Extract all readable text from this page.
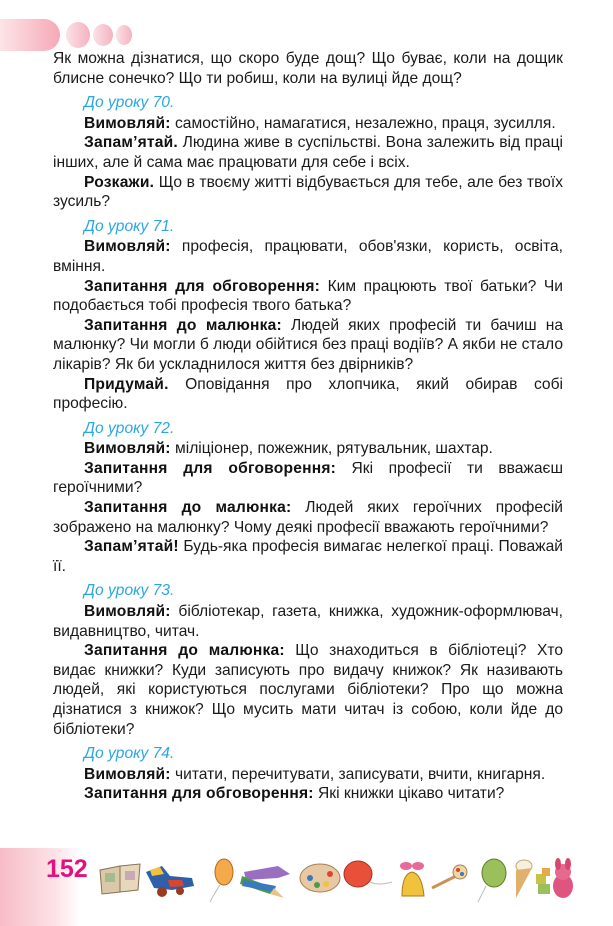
Як можна дізнатися, що скоро буде дощ? Що буває, коли на дощик блисне сонечко? Що ти робиш, коли на вулиці йде дощ?

До уроку 70.

Вимовляй: самостійно, намагатися, незалежно, праця, зусилля.

Запам’ятай. Людина живе в суспільстві. Вона залежить від праці інших, але й сама має працювати для себе і всіх.

Розкажи. Що в твоєму житті відбувається для тебе, але без твоїх зусиль?

До уроку 71.

Вимовляй: професія, працювати, обов'язки, користь, освіта, вміння.

Запитання для обговорення: Ким працюють твої батьки? Чи подобається тобі професія твого батька?

Запитання до малюнка: Людей яких професій ти бачиш на малюнку? Чи могли б люди обійтися без праці водіїв? А якби не стало лікарів? Як би ускладнилося життя без двірників?

Придумай. Оповідання про хлопчика, який обирав собі професію.

До уроку 72.

Вимовляй: міліціонер, пожежник, рятувальник, шахтар.

Запитання для обговорення: Які професії ти вважаєш героїчними?

Запитання до малюнка: Людей яких героїчних професій зображено на малюнку? Чому деякі професії вважають героїчними?

Запам’ятай! Будь-яка професія вимагає нелегкої праці. Поважай її.

До уроку 73.

Вимовляй: бібліотекар, газета, книжка, художник-оформлювач, видавництво, читач.

Запитання до малюнка: Що знаходиться в бібліотеці? Хто видає книжки? Куди записують про видачу книжок? Як називають людей, які користуються послугами бібліотеки? Про що можна дізнатися з книжок? Що мусить мати читач із собою, коли йде до бібліотеки?

До уроку 74.

Вимовляй: читати, перечитувати, записувати, вчити, книгарня.

Запитання для обговорення: Які книжки цікаво читати?

152
